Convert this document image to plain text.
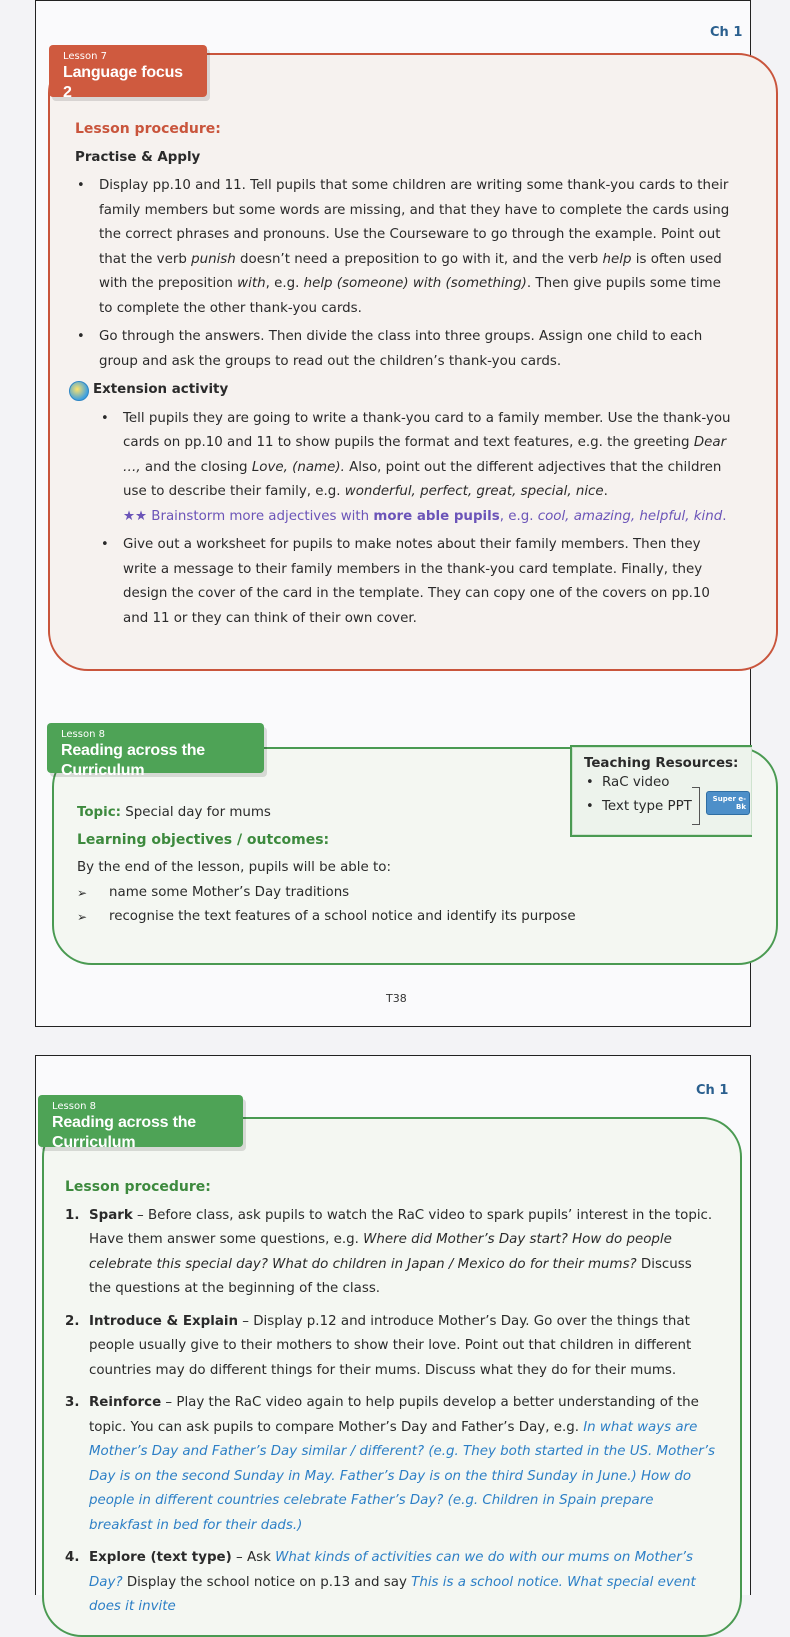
Ch 1
Lesson 7
Language focus 2
Lesson procedure:
Practise & Apply
• Display pp.10 and 11. Tell pupils that some children are writing some thank-you cards to their family members but some words are missing, and that they have to complete the cards using the correct phrases and pronouns. Use the Courseware to go through the example. Point out that the verb punish doesn’t need a preposition to go with it, and the verb help is often used with the preposition with, e.g. help (someone) with (something). Then give pupils some time to complete the other thank-you cards.
• Go through the answers. Then divide the class into three groups. Assign one child to each group and ask the groups to read out the children’s thank-you cards.
Extension activity
• Tell pupils they are going to write a thank-you card to a family member. Use the thank-you cards on pp.10 and 11 to show pupils the format and text features, e.g. the greeting Dear …, and the closing Love, (name). Also, point out the different adjectives that the children use to describe their family, e.g. wonderful, perfect, great, special, nice.
★★ Brainstorm more adjectives with more able pupils, e.g. cool, amazing, helpful, kind.
• Give out a worksheet for pupils to make notes about their family members. Then they write a message to their family members in the thank-you card template. Finally, they design the cover of the card in the template. They can copy one of the covers on pp.10 and 11 or they can think of their own cover.
Lesson 8
Reading across the Curriculum	Teaching Resources:
• RaC video
• Text type PPT	Super e-Bk
Topic: Special day for mums
Learning objectives / outcomes:
By the end of the lesson, pupils will be able to:
➢ name some Mother’s Day traditions
➢ recognise the text features of a school notice and identify its purpose
T38
Ch 1
Lesson 8
Reading across the Curriculum
Lesson procedure:
1. Spark – Before class, ask pupils to watch the RaC video to spark pupils’ interest in the topic. Have them answer some questions, e.g. Where did Mother’s Day start? How do people celebrate this special day? What do children in Japan / Mexico do for their mums? Discuss the questions at the beginning of the class.
2. Introduce & Explain – Display p.12 and introduce Mother’s Day. Go over the things that people usually give to their mothers to show their love. Point out that children in different countries may do different things for their mums. Discuss what they do for their mums.
3. Reinforce – Play the RaC video again to help pupils develop a better understanding of the topic. You can ask pupils to compare Mother’s Day and Father’s Day, e.g. In what ways are Mother’s Day and Father’s Day similar / different? (e.g. They both started in the US. Mother’s Day is on the second Sunday in May. Father’s Day is on the third Sunday in June.) How do people in different countries celebrate Father’s Day? (e.g. Children in Spain prepare breakfast in bed for their dads.)
4. Explore (text type) – Ask What kinds of activities can we do with our mums on Mother’s Day? Display the school notice on p.13 and say This is a school notice. What special event does it invite
